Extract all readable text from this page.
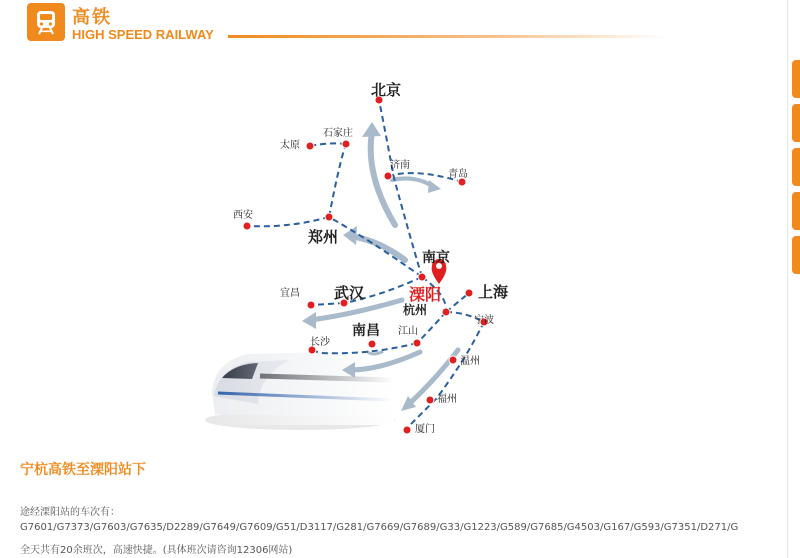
高铁
HIGH SPEED RAILWAY
北京
石家庄
太原
济南
青岛
西安
郑州
南京
溧阳 上海
宜昌 武汉
杭州
宁波
南昌 江山
长沙
温州
福州
厦门
宁杭高铁至溧阳站下
途经溧阳站的车次有：
G7601/G7373/G7603/G7635/D2289/G7649/G7609/G51/D3117/G281/G7669/G7689/G33/G1223/G589/G7685/G4503/G167/G593/G7351/D271/G
全天共有20余班次，高速快捷。(具体班次请咨询12306网站)
